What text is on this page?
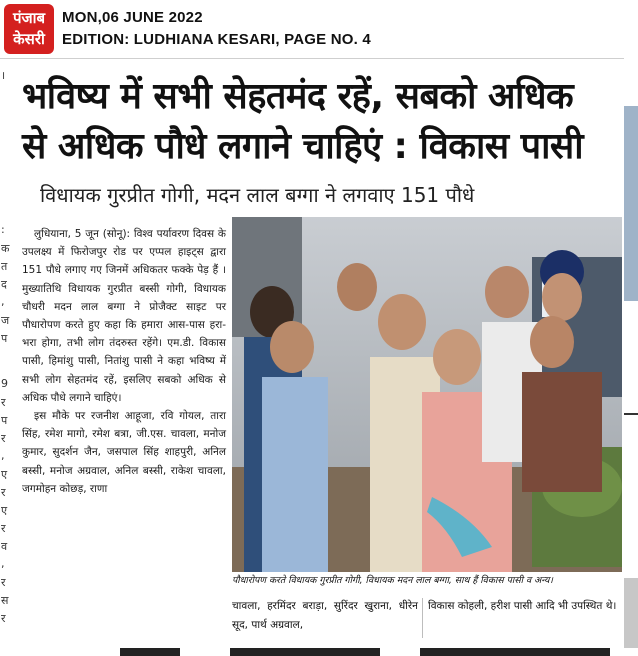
पंजाब
केसरी
MON,06 JUNE 2022
EDITION: LUDHIANA KESARI, PAGE NO. 4
।
:
क
त
द
,
ज
प
9
र
प
र
,
ए
र
ए
र
व
,
र
स
र
भविष्य में सभी सेहतमंद रहें, सबको अधिक
से अधिक पौधे लगाने चाहिएं : विकास पासी
विधायक गुरप्रीत गोगी, मदन लाल बग्गा ने लगवाए 151 पौधे

लुधियाना, 5 जून (सोनू): विश्व पर्यावरण दिवस के उपलक्ष्य में फिरोजपुर रोड पर एप्पल हाइट्स द्वारा 151 पौधे लगाए गए जिनमें अधिकतर फक्के पेड़ हैं । मुख्यातिथि विधायक गुरप्रीत बस्सी गोगी, विधायक चौधरी मदन लाल बग्गा ने प्रोजैक्ट साइट पर पौधारोपण करते हुए कहा कि हमारा आस-पास हरा-भरा होगा, तभी लोग तंदरुस्त रहेंगे। एम.डी. विकास पासी, हिमांशु पासी, नितांशु पासी ने कहा भविष्य में सभी लोग सेहतमंद रहें, इसलिए सबको अधिक से अधिक पौधे लगाने चाहिएं।

इस मौके पर रजनीश आहूजा, रवि गोयल, तारा सिंह, रमेश मागो, रमेश बत्रा, जी.एस. चावला, मनोज कुमार, सुदर्शन जैन, जसपाल सिंह शाहपुरी, अनिल बस्सी, मनोज अग्रवाल, अनिल बस्सी, राकेश चावला, जगमोहन कोछड़, राणा

पौधारोपण करते विधायक गुरप्रीत गोगी, विधायक मदन लाल बग्गा, साथ हैं विकास पासी व अन्य।
चावला, हरमिंदर बराड़ा, सुरिंदर खुराना, धीरेन सूद, पार्थ अग्रवाल,
विकास कोहली, हरीश पासी आदि भी उपस्थित थे।
